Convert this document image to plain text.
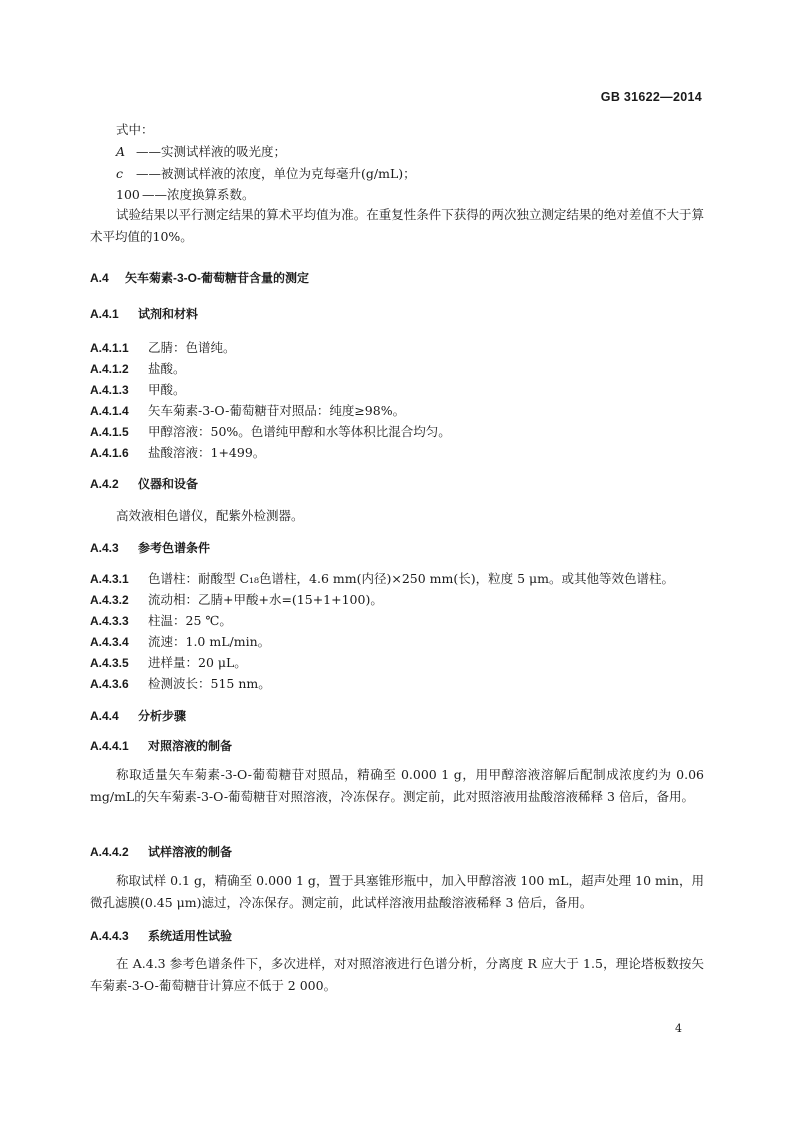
GB 31622—2014
式中：
A ——实测试样液的吸光度；
c ——被测试样液的浓度，单位为克每毫升(g/mL)；
100 ——浓度换算系数。
试验结果以平行测定结果的算术平均值为准。在重复性条件下获得的两次独立测定结果的绝对差值不大于算术平均值的10%。
A.4 矢车菊素-3-O-葡萄糖苷含量的测定
A.4.1 试剂和材料
A.4.1.1 乙腈：色谱纯。
A.4.1.2 盐酸。
A.4.1.3 甲酸。
A.4.1.4 矢车菊素-3-O-葡萄糖苷对照品：纯度≥98%。
A.4.1.5 甲醇溶液：50%。色谱纯甲醇和水等体积比混合均匀。
A.4.1.6 盐酸溶液：1+499。
A.4.2 仪器和设备
高效液相色谱仪，配紫外检测器。
A.4.3 参考色谱条件
A.4.3.1 色谱柱：耐酸型 C₁₈色谱柱，4.6 mm(内径)×250 mm(长)，粒度 5 μm。或其他等效色谱柱。
A.4.3.2 流动相：乙腈+甲酸+水=(15+1+100)。
A.4.3.3 柱温：25 ℃。
A.4.3.4 流速：1.0 mL/min。
A.4.3.5 进样量：20 μL。
A.4.3.6 检测波长：515 nm。
A.4.4 分析步骤
A.4.4.1 对照溶液的制备
称取适量矢车菊素-3-O-葡萄糖苷对照品，精确至 0.000 1 g，用甲醇溶液溶解后配制成浓度约为 0.06 mg/mL的矢车菊素-3-O-葡萄糖苷对照溶液，冷冻保存。测定前，此对照溶液用盐酸溶液稀释 3 倍后，备用。
A.4.4.2 试样溶液的制备
称取试样 0.1 g，精确至 0.000 1 g，置于具塞锥形瓶中，加入甲醇溶液 100 mL，超声处理 10 min，用微孔滤膜(0.45 μm)滤过，冷冻保存。测定前，此试样溶液用盐酸溶液稀释 3 倍后，备用。
A.4.4.3 系统适用性试验
在 A.4.3 参考色谱条件下，多次进样，对对照溶液进行色谱分析，分离度 R 应大于 1.5，理论塔板数按矢车菊素-3-O-葡萄糖苷计算应不低于 2 000。
4
